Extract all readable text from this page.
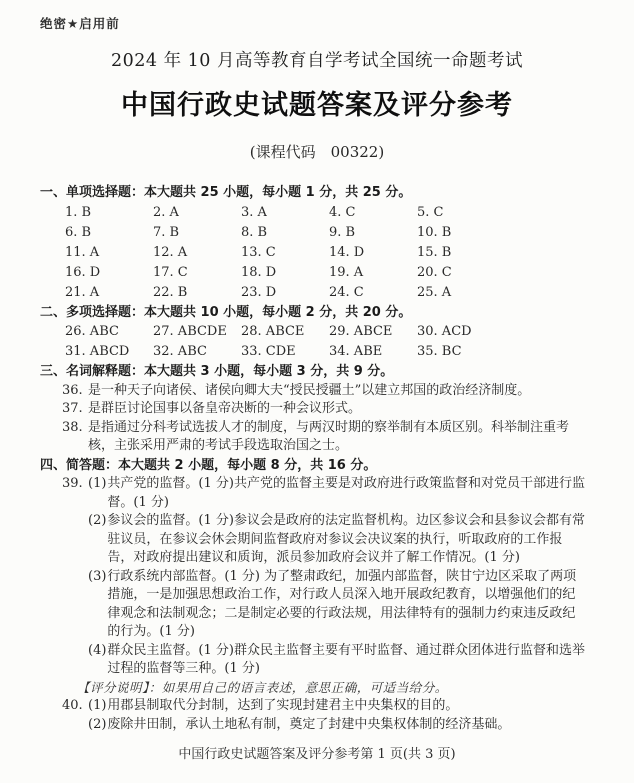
绝密★启用前
2024 年 10 月高等教育自学考试全国统一命题考试
中国行政史试题答案及评分参考
(课程代码　00322)
一、单项选择题：本大题共 25 小题，每小题 1 分，共 25 分。
1. B	2. A	3. A	4. C	5. C
6. B	7. B	8. B	9. B	10. B
11. A	12. A	13. C	14. D	15. B
16. D	17. C	18. D	19. A	20. C
21. A	22. B	23. D	24. C	25. A
二、多项选择题：本大题共 10 小题，每小题 2 分，共 20 分。
26. ABC	27. ABCDE	28. ABCE	29. ABCE	30. ACD
31. ABCD	32. ABC	33. CDE	34. ABE	35. BC
三、名词解释题：本大题共 3 小题，每小题 3 分，共 9 分。
36. 是一种天子向诸侯、诸侯向卿大夫“授民授疆土”以建立邦国的政治经济制度。
37. 是群臣讨论国事以备皇帝决断的一种会议形式。
38. 是指通过分科考试选拔人才的制度，与两汉时期的察举制有本质区别。科举制注重考核，主张采用严肃的考试手段选取治国之士。
四、简答题：本大题共 2 小题，每小题 8 分，共 16 分。
39. (1) 共产党的监督。(1 分)共产党的监督主要是对政府进行政策监督和对党员干部进行监督。(1 分)
(2) 参议会的监督。(1 分)参议会是政府的法定监督机构。边区参议会和县参议会都有常驻议员，在参议会休会期间监督政府对参议会决议案的执行，听取政府的工作报告，对政府提出建议和质询，派员参加政府会议并了解工作情况。(1 分)
(3) 行政系统内部监督。(1 分) 为了整肃政纪，加强内部监督，陕甘宁边区采取了两项措施，一是加强思想政治工作，对行政人员深入地开展政纪教育，以增强他们的纪律观念和法制观念；二是制定必要的行政法规，用法律特有的强制力约束违反政纪的行为。(1 分)
(4) 群众民主监督。(1 分)群众民主监督主要有平时监督、通过群众团体进行监督和选举过程的监督等三种。(1 分)
【评分说明】：如果用自己的语言表述，意思正确，可适当给分。
40. (1) 用郡县制取代分封制，达到了实现封建君主中央集权的目的。
(2) 废除井田制，承认土地私有制，奠定了封建中央集权体制的经济基础。
中国行政史试题答案及评分参考第 1 页(共 3 页)
